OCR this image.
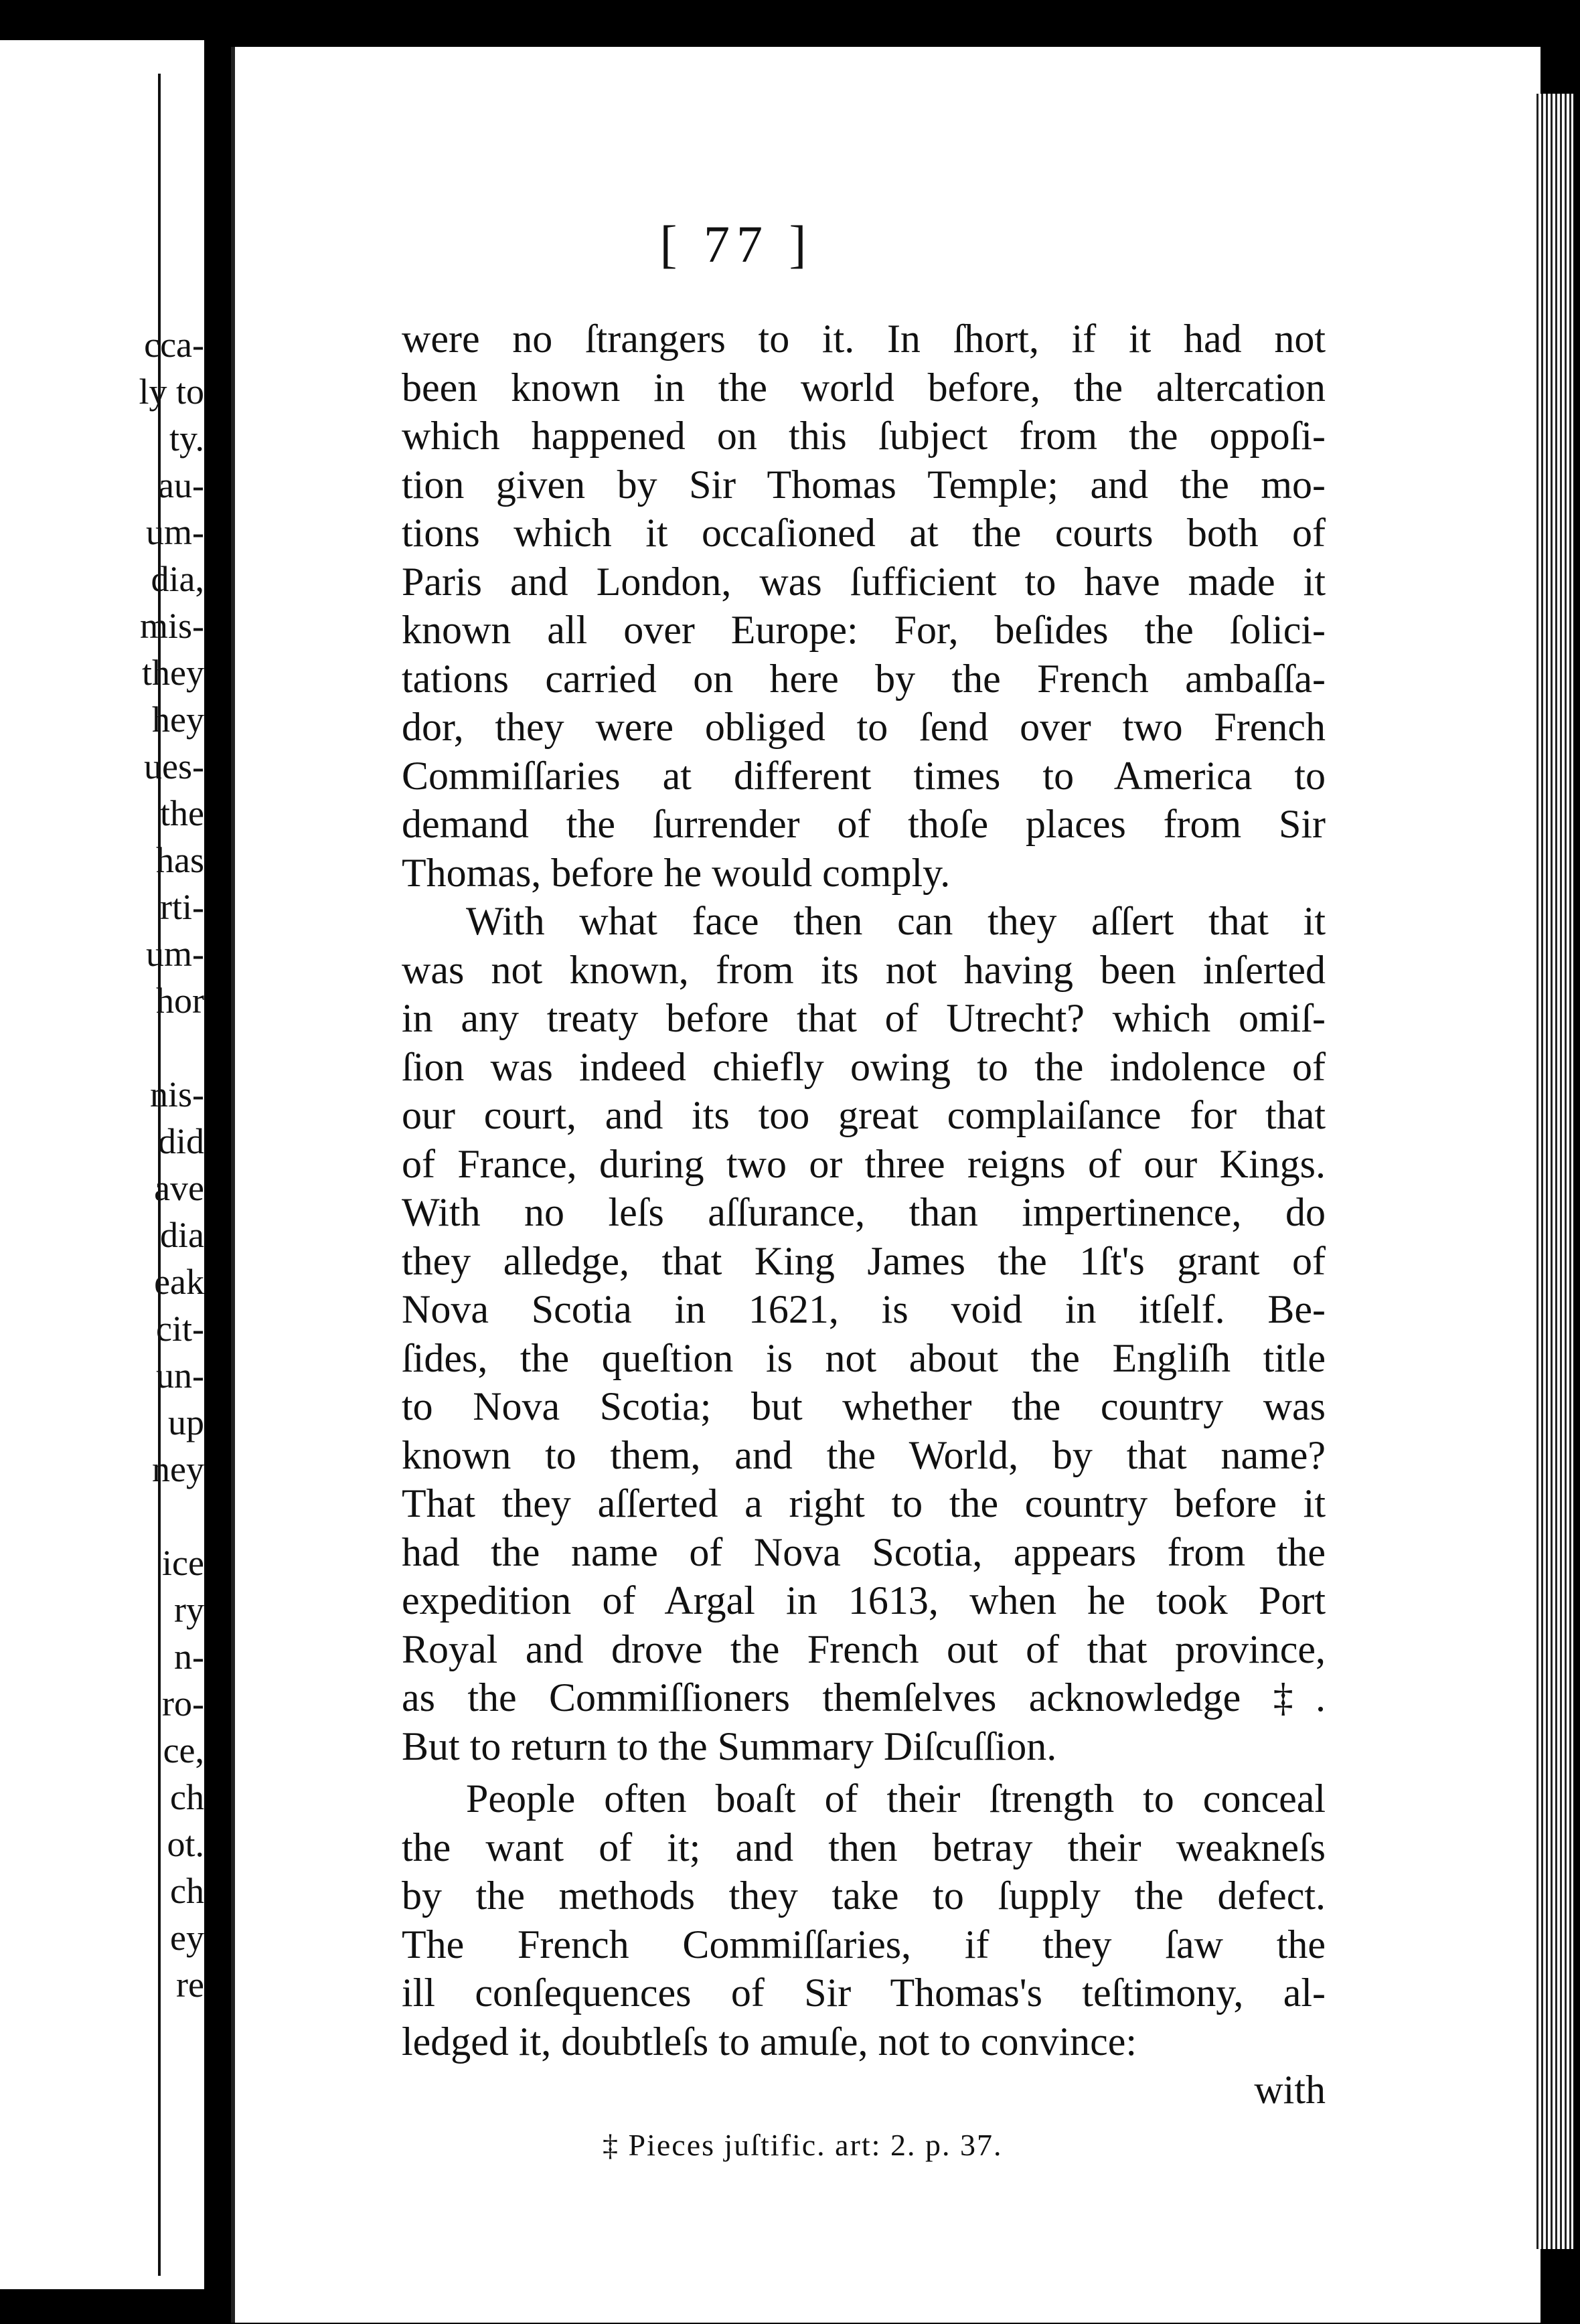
cca-
ly to
ty.
au-
um-
dia,
mis-
they
hey
ues-
the
has
rti-
um-
hor
nis-
did
ave
dia
eak
cit-
un-
up
ney
ice
ry
n-
ro-
ce,
ch
ot.
ch
ey
re
[ 77 ]
were no ſtrangers to it. In ſhort, if it had not
been known in the world before, the altercation
which happened on this ſubject from the oppoſi-
tion given by Sir Thomas Temple; and the mo-
tions which it occaſioned at the courts both of
Paris and London, was ſufficient to have made it
known all over Europe: For, beſides the ſolici-
tations carried on here by the French ambaſſa-
dor, they were obliged to ſend over two French
Commiſſaries at different times to America to
demand the ſurrender of thoſe places from Sir
Thomas, before he would comply.
With what face then can they aſſert that it
was not known, from its not having been inſerted
in any treaty before that of Utrecht? which omiſ-
ſion was indeed chiefly owing to the indolence of
our court, and its too great complaiſance for that
of France, during two or three reigns of our Kings.
With no leſs aſſurance, than impertinence, do
they alledge, that King James the 1ſt's grant of
Nova Scotia in 1621, is void in itſelf. Be-
ſides, the queſtion is not about the Engliſh title
to Nova Scotia; but whether the country was
known to them, and the World, by that name?
That they aſſerted a right to the country before it
had the name of Nova Scotia, appears from the
expedition of Argal in 1613, when he took Port
Royal and drove the French out of that province,
as the Commiſſioners themſelves acknowledge ‡.
But to return to the Summary Diſcuſſion.
People often boaſt of their ſtrength to conceal
the want of it; and then betray their weakneſs
by the methods they take to ſupply the defect.
The French Commiſſaries, if they ſaw the
ill conſequences of Sir Thomas's teſtimony, al-
ledged it, doubtleſs to amuſe, not to convince:
with
‡ Pieces juſtific. art: 2. p. 37.
